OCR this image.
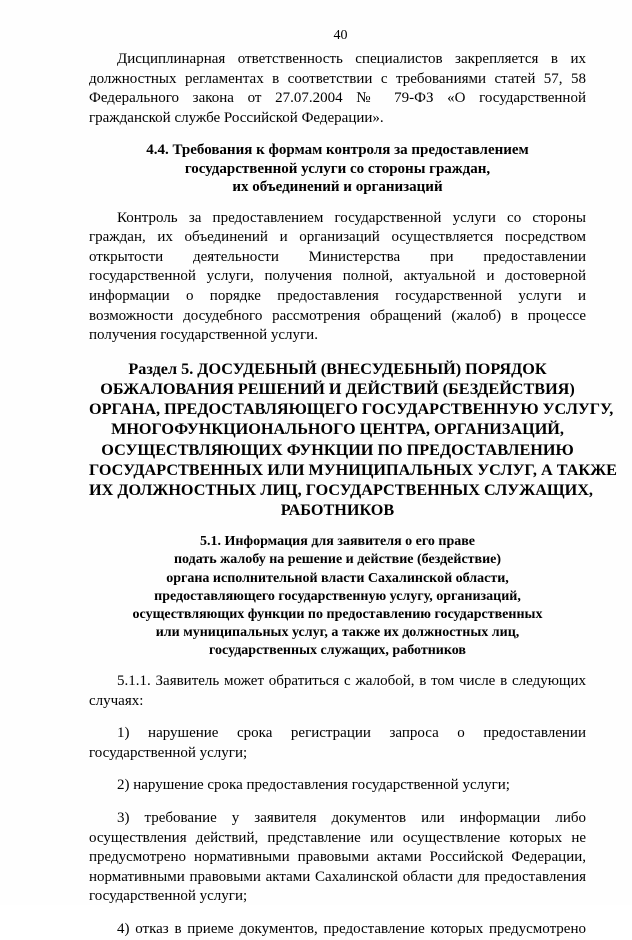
40

Дисциплинарная ответственность специалистов закрепляется в их

должностных регламентах в соответствии с требованиями статей 57, 58

Федерального закона от 27.07.2004 № 79-ФЗ «О государственной

гражданской службе Российской Федерации».

4.4. Требования к формам контроля за предоставлением
государственной услуги со стороны граждан,
их объединений и организаций

Контроль за предоставлением государственной услуги со стороны

граждан, их объединений и организаций осуществляется посредством

открытости деятельности Министерства при предоставлении

государственной услуги, получения полной, актуальной и достоверной

информации о порядке предоставления государственной услуги и

возможности досудебного рассмотрения обращений (жалоб) в процессе

получения государственной услуги.

Раздел 5. ДОСУДЕБНЫЙ (ВНЕСУДЕБНЫЙ) ПОРЯДОК
ОБЖАЛОВАНИЯ РЕШЕНИЙ И ДЕЙСТВИЙ (БЕЗДЕЙСТВИЯ)
ОРГАНА, ПРЕДОСТАВЛЯЮЩЕГО ГОСУДАРСТВЕННУЮ УСЛУГУ,
МНОГОФУНКЦИОНАЛЬНОГО ЦЕНТРА, ОРГАНИЗАЦИЙ,
ОСУЩЕСТВЛЯЮЩИХ ФУНКЦИИ ПО ПРЕДОСТАВЛЕНИЮ
ГОСУДАРСТВЕННЫХ ИЛИ МУНИЦИПАЛЬНЫХ УСЛУГ, А ТАКЖЕ
ИХ ДОЛЖНОСТНЫХ ЛИЦ, ГОСУДАРСТВЕННЫХ СЛУЖАЩИХ,
РАБОТНИКОВ
5.1. Информация для заявителя о его праве
подать жалобу на решение и действие (бездействие)
органа исполнительной власти Сахалинской области,
предоставляющего государственную услугу, организаций,
осуществляющих функции по предоставлению государственных
или муниципальных услуг, а также их должностных лиц,
государственных служащих, работников

5.1.1. Заявитель может обратиться с жалобой, в том числе в следующих

случаях:

1) нарушение срока регистрации запроса о предоставлении

государственной услуги;

2) нарушение срока предоставления государственной услуги;

3) требование у заявителя документов или информации либо

осуществления действий, представление или осуществление которых не

предусмотрено нормативными правовыми актами Российской Федерации,

нормативными правовыми актами Сахалинской области для предоставления

государственной услуги;

4) отказ в приеме документов, предоставление которых предусмотрено
